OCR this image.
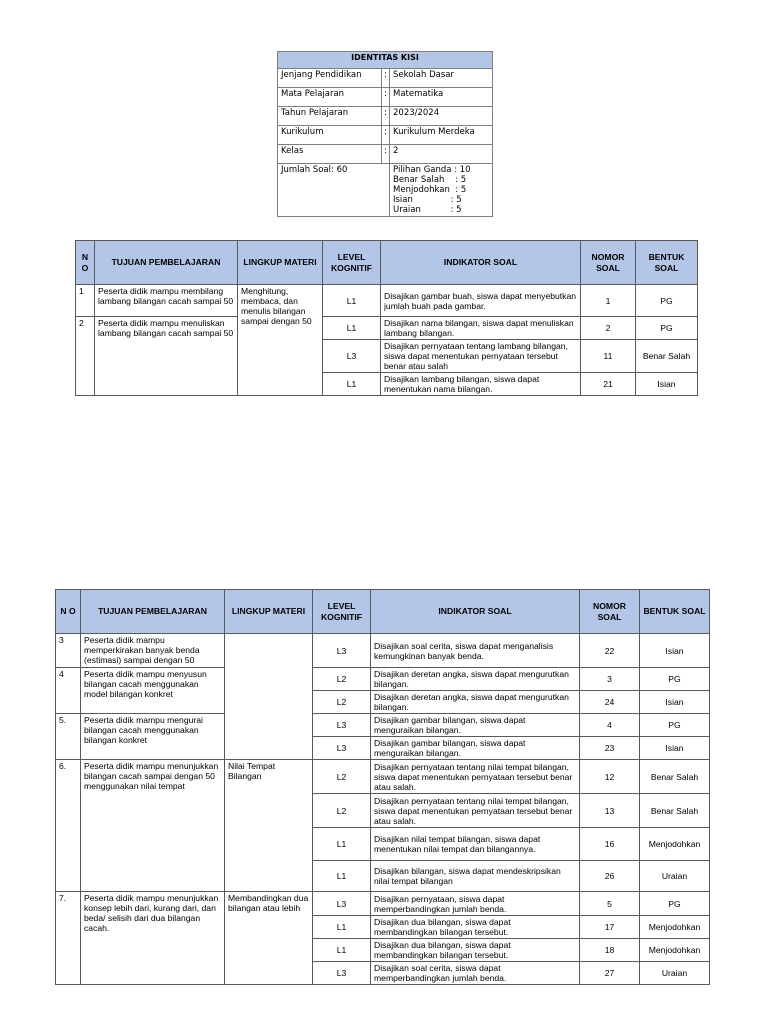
IDENTITAS KISI		
Jenjang Pendidikan	:	Sekolah Dasar
Mata Pelajaran	:	Matematika
Tahun Pelajaran	:	2023/2024
Kurikulum	:	Kurikulum Merdeka
Kelas	:	2
Jumlah Soal: 60		Pilihan Ganda : 10
Benar Salah    : 5
Menjodohkan  : 5
Isian              : 5
Uraian           : 5
N O	TUJUAN PEMBELAJARAN	LINGKUP MATERI	LEVEL KOGNITIF	INDIKATOR SOAL	NOMOR SOAL	BENTUK SOAL
1	Peserta didik mampu membilang lambang bilangan cacah sampai 50	Menghitung, membaca, dan menulis bilangan sampai dengan 50	L1	Disajikan gambar buah, siswa dapat menyebutkan jumlah buah pada gambar.	1	PG
2	Peserta didik mampu menuliskan lambang bilangan cacah sampai 50		L1	Disajikan nama bilangan, siswa dapat menuliskan lambang bilangan.	2	PG
			L3	Disajikan pernyataan tentang lambang bilangan, siswa dapat menentukan pernyataan tersebut benar atau salah	11	Benar Salah
			L1	Disajikan lambang bilangan, siswa dapat menentukan nama bilangan.	21	Isian
N O	TUJUAN PEMBELAJARAN	LINGKUP MATERI	LEVEL KOGNITIF	INDIKATOR SOAL	NOMOR SOAL	BENTUK SOAL
3	Peserta didik mampu memperkirakan banyak benda (estimasi) sampai dengan 50		L3	Disajikan soal cerita, siswa dapat menganalisis kemungkinan banyak benda.	22	Isian
4	Peserta didik mampu menyusun bilangan cacah menggunakan model bilangan konkret		L2	Disajikan deretan angka, siswa dapat mengurutkan bilangan.	3	PG
			L2	Disajikan deretan angka, siswa dapat mengurutkan bilangan.	24	Isian
5.	Peserta didik mampu mengurai bilangan cacah menggunakan bilangan konkret		L3	Disajikan gambar bilangan, siswa dapat menguraikan bilangan.	4	PG
			L3	Disajikan gambar bilangan, siswa dapat menguraikan bilangan.	23	Isian
6.	Peserta didik mampu menunjukkan bilangan cacah sampai dengan 50 menggunakan nilai tempat	Nilai Tempat Bilangan	L2	Disajikan pernyataan tentang nilai tempat bilangan, siswa dapat menentukan pernyataan tersebut benar atau salah.	12	Benar Salah
			L2	Disajikan pernyataan tentang nilai tempat bilangan, siswa dapat menentukan pernyataan tersebut benar atau salah.	13	Benar Salah
			L1	Disajikan nilai tempat bilangan, siswa dapat menentukan nilai tempat dan bilangannya.	16	Menjodohkan
			L1	Disajikan bilangan, siswa dapat mendeskripsikan nilai tempat bilangan	26	Uraian
7.	Peserta didik mampu menunjukkan konsep lebih dari, kurang dari, dan beda/ selisih dari dua bilangan cacah.	Membandingkan dua bilangan atau lebih	L3	Disajikan pernyataan, siswa dapat memperbandingkan jumlah benda.	5	PG
			L1	Disajikan dua bilangan, siswa dapat membandingkan bilangan tersebut.	17	Menjodohkan
			L1	Disajikan dua bilangan, siswa dapat membandingkan bilangan tersebut.	18	Menjodohkan
			L3	Disajikan soal cerita, siswa dapat memperbandingkan jumlah benda.	27	Uraian
